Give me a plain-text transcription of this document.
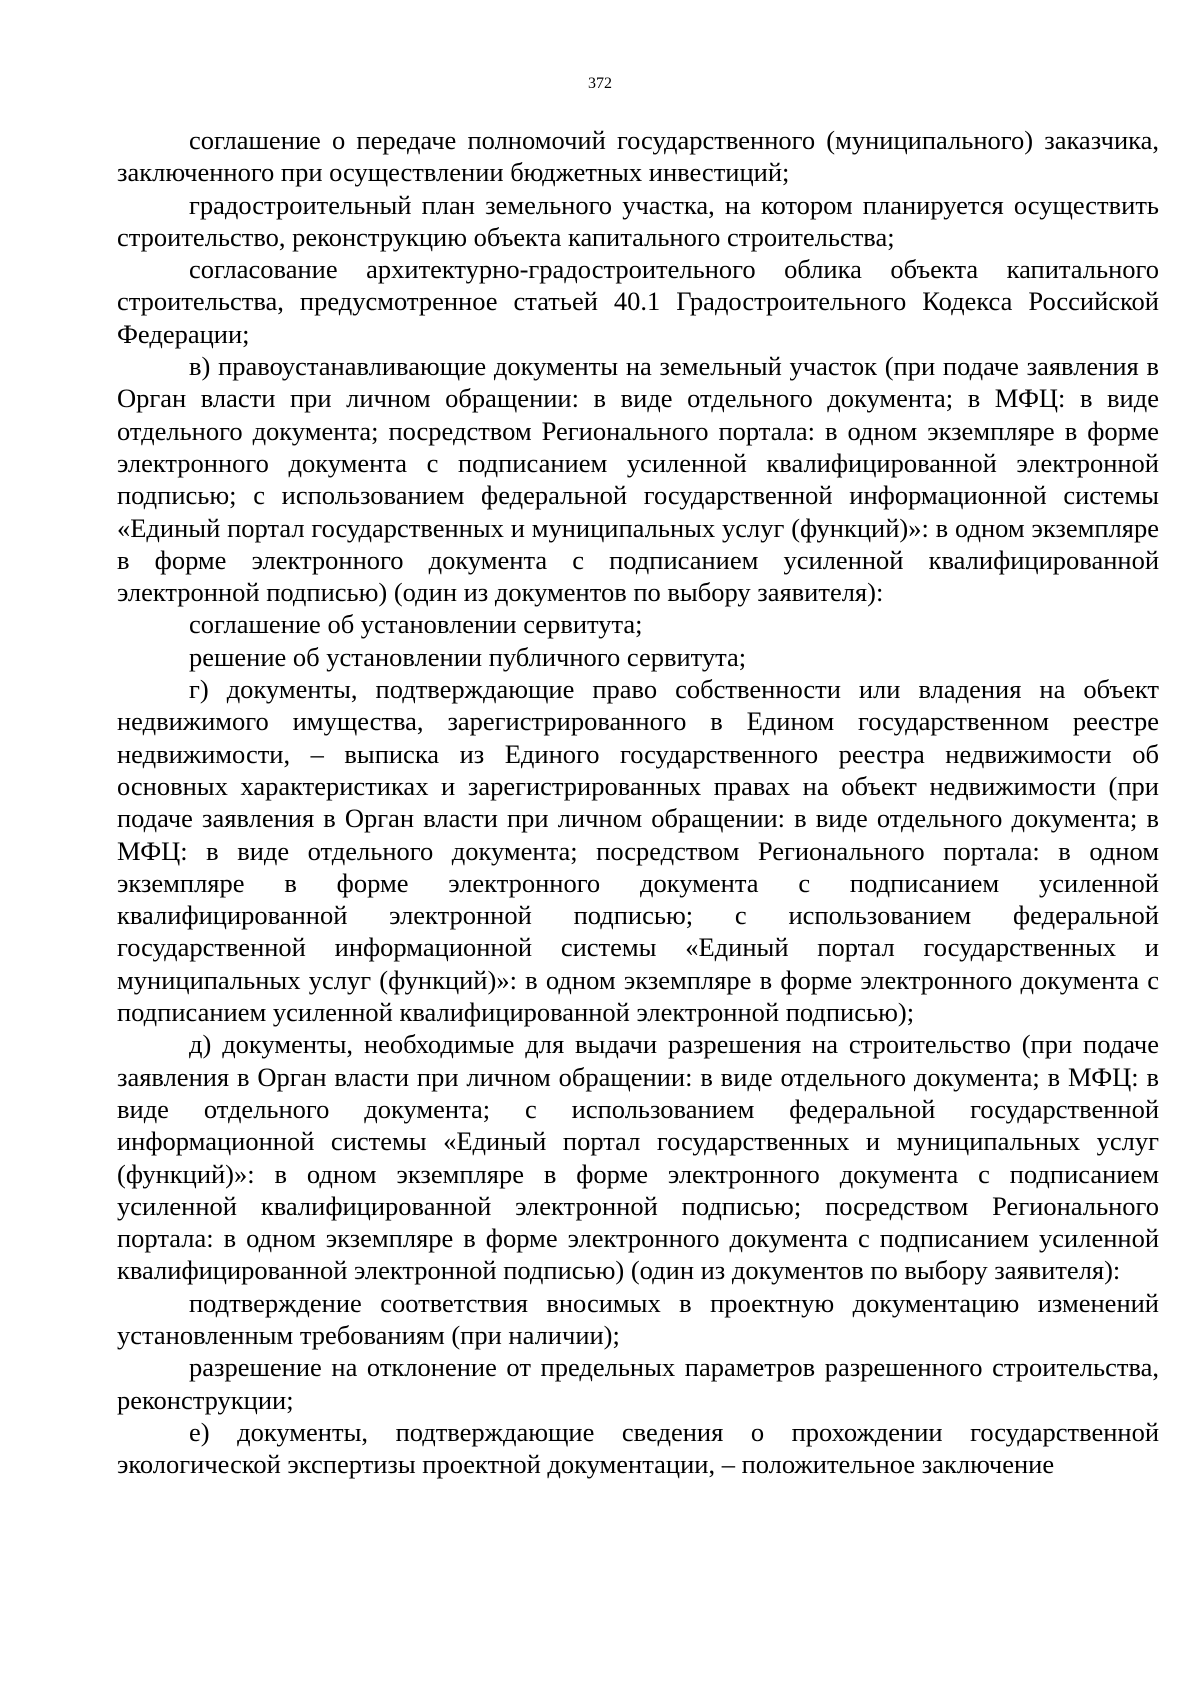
372

соглашение о передаче полномочий государственного (муниципального) заказчика, заключенного при осуществлении бюджетных инвестиций;

градостроительный план земельного участка, на котором планируется осуществить строительство, реконструкцию объекта капитального строительства;

согласование архитектурно-градостроительного облика объекта капитального строительства, предусмотренное статьей 40.1 Градостроительного Кодекса Российской Федерации;

в) правоустанавливающие документы на земельный участок (при подаче заявления в Орган власти при личном обращении: в виде отдельного документа; в МФЦ: в виде отдельного документа; посредством Регионального портала: в одном экземпляре в форме электронного документа с подписанием усиленной квалифицированной электронной подписью; с использованием федеральной государственной информационной системы «Единый портал государственных и муниципальных услуг (функций)»: в одном экземпляре в форме электронного документа с подписанием усиленной квалифицированной электронной подписью) (один из документов по выбору заявителя):

соглашение об установлении сервитута;

решение об установлении публичного сервитута;

г) документы, подтверждающие право собственности или владения на объект недвижимого имущества, зарегистрированного в Едином государственном реестре недвижимости, – выписка из Единого государственного реестра недвижимости об основных характеристиках и зарегистрированных правах на объект недвижимости (при подаче заявления в Орган власти при личном обращении: в виде отдельного документа; в МФЦ: в виде отдельного документа; посредством Регионального портала: в одном экземпляре в форме электронного документа с подписанием усиленной квалифицированной электронной подписью; с использованием федеральной государственной информационной системы «Единый портал государственных и муниципальных услуг (функций)»: в одном экземпляре в форме электронного документа с подписанием усиленной квалифицированной электронной подписью);

д) документы, необходимые для выдачи разрешения на строительство (при подаче заявления в Орган власти при личном обращении: в виде отдельного документа; в МФЦ: в виде отдельного документа; с использованием федеральной государственной информационной системы «Единый портал государственных и муниципальных услуг (функций)»: в одном экземпляре в форме электронного документа с подписанием усиленной квалифицированной электронной подписью; посредством Регионального портала: в одном экземпляре в форме электронного документа с подписанием усиленной квалифицированной электронной подписью) (один из документов по выбору заявителя):

подтверждение соответствия вносимых в проектную документацию изменений установленным требованиям (при наличии);

разрешение на отклонение от предельных параметров разрешенного строительства, реконструкции;

е) документы, подтверждающие сведения о прохождении государственной экологической экспертизы проектной документации, – положительное заключение
